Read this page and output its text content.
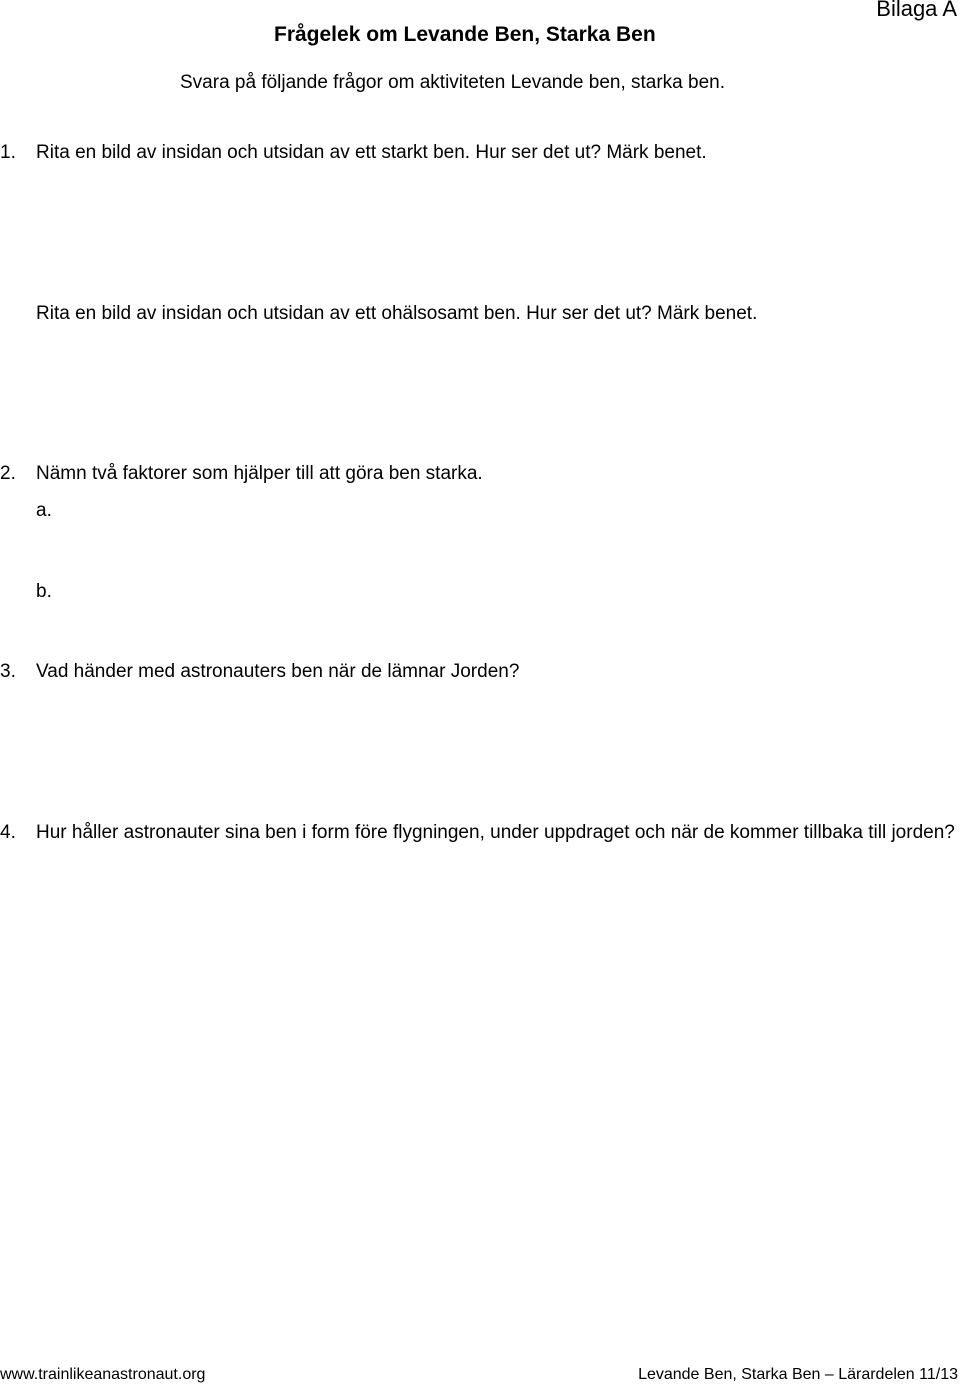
Bilaga A
Frågelek om Levande Ben, Starka Ben
Svara på följande frågor om aktiviteten Levande ben, starka ben.
1. Rita en bild av insidan och utsidan av ett starkt ben. Hur ser det ut? Märk benet.
Rita en bild av insidan och utsidan av ett ohälsosamt ben. Hur ser det ut? Märk benet.
2. Nämn två faktorer som hjälper till att göra ben starka.
a.
b.
3. Vad händer med astronauters ben när de lämnar Jorden?
4. Hur håller astronauter sina ben i form före flygningen, under uppdraget och när de kommer tillbaka till jorden?
www.trainlikeanastronaut.org	Levande Ben, Starka Ben – Lärardelen 11/13
